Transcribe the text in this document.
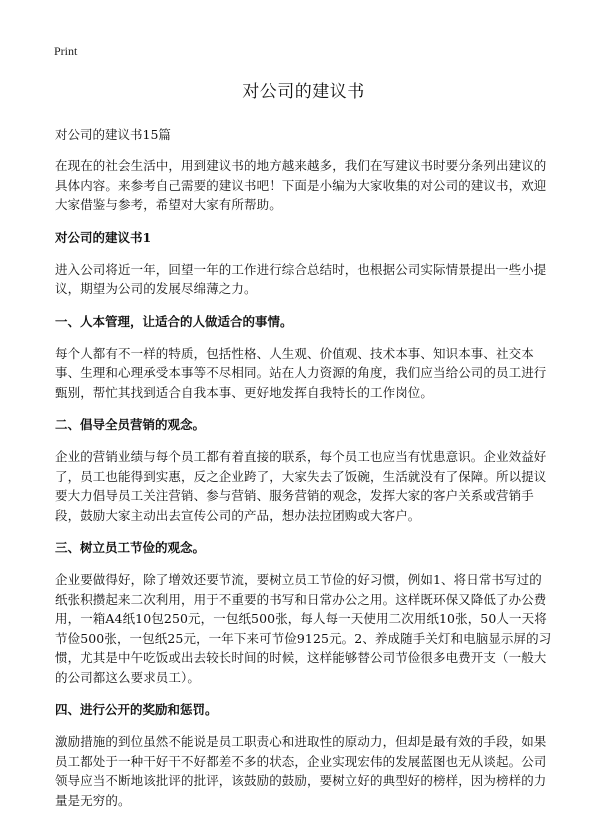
Print
对公司的建议书

对公司的建议书15篇

在现在的社会生活中，用到建议书的地方越来越多，我们在写建议书时要分条列出建议的具体内容。来参考自己需要的建议书吧！下面是小编为大家收集的对公司的建议书，欢迎大家借鉴与参考，希望对大家有所帮助。

对公司的建议书1

进入公司将近一年，回望一年的工作进行综合总结时，也根据公司实际情景提出一些小提议，期望为公司的发展尽绵薄之力。

一、人本管理，让适合的人做适合的事情。

每个人都有不一样的特质，包括性格、人生观、价值观、技术本事、知识本事、社交本事、生理和心理承受本事等不尽相同。站在人力资源的角度，我们应当给公司的员工进行甄别，帮忙其找到适合自我本事、更好地发挥自我特长的工作岗位。

二、倡导全员营销的观念。

企业的营销业绩与每个员工都有着直接的联系，每个员工也应当有忧患意识。企业效益好了，员工也能得到实惠，反之企业跨了，大家失去了饭碗，生活就没有了保障。所以提议要大力倡导员工关注营销、参与营销、服务营销的观念，发挥大家的客户关系或营销手段，鼓励大家主动出去宣传公司的产品，想办法拉团购或大客户。

三、树立员工节俭的观念。

企业要做得好，除了增效还要节流，要树立员工节俭的好习惯，例如1、将日常书写过的纸张积攒起来二次利用，用于不重要的书写和日常办公之用。这样既环保又降低了办公费用，一箱A4纸10包250元，一包纸500张，每人每一天使用二次用纸10张，50人一天将节俭500张，一包纸25元，一年下来可节俭9125元。2、养成随手关灯和电脑显示屏的习惯，尤其是中午吃饭或出去较长时间的时候，这样能够替公司节俭很多电费开支（一般大的公司都这么要求员工）。

四、进行公开的奖励和惩罚。

激励措施的到位虽然不能说是员工职责心和进取性的原动力，但却是最有效的手段，如果员工都处于一种干好干不好都差不多的状态，企业实现宏伟的发展蓝图也无从谈起。公司领导应当不断地该批评的批评，该鼓励的鼓励，要树立好的典型好的榜样，因为榜样的力量是无穷的。
